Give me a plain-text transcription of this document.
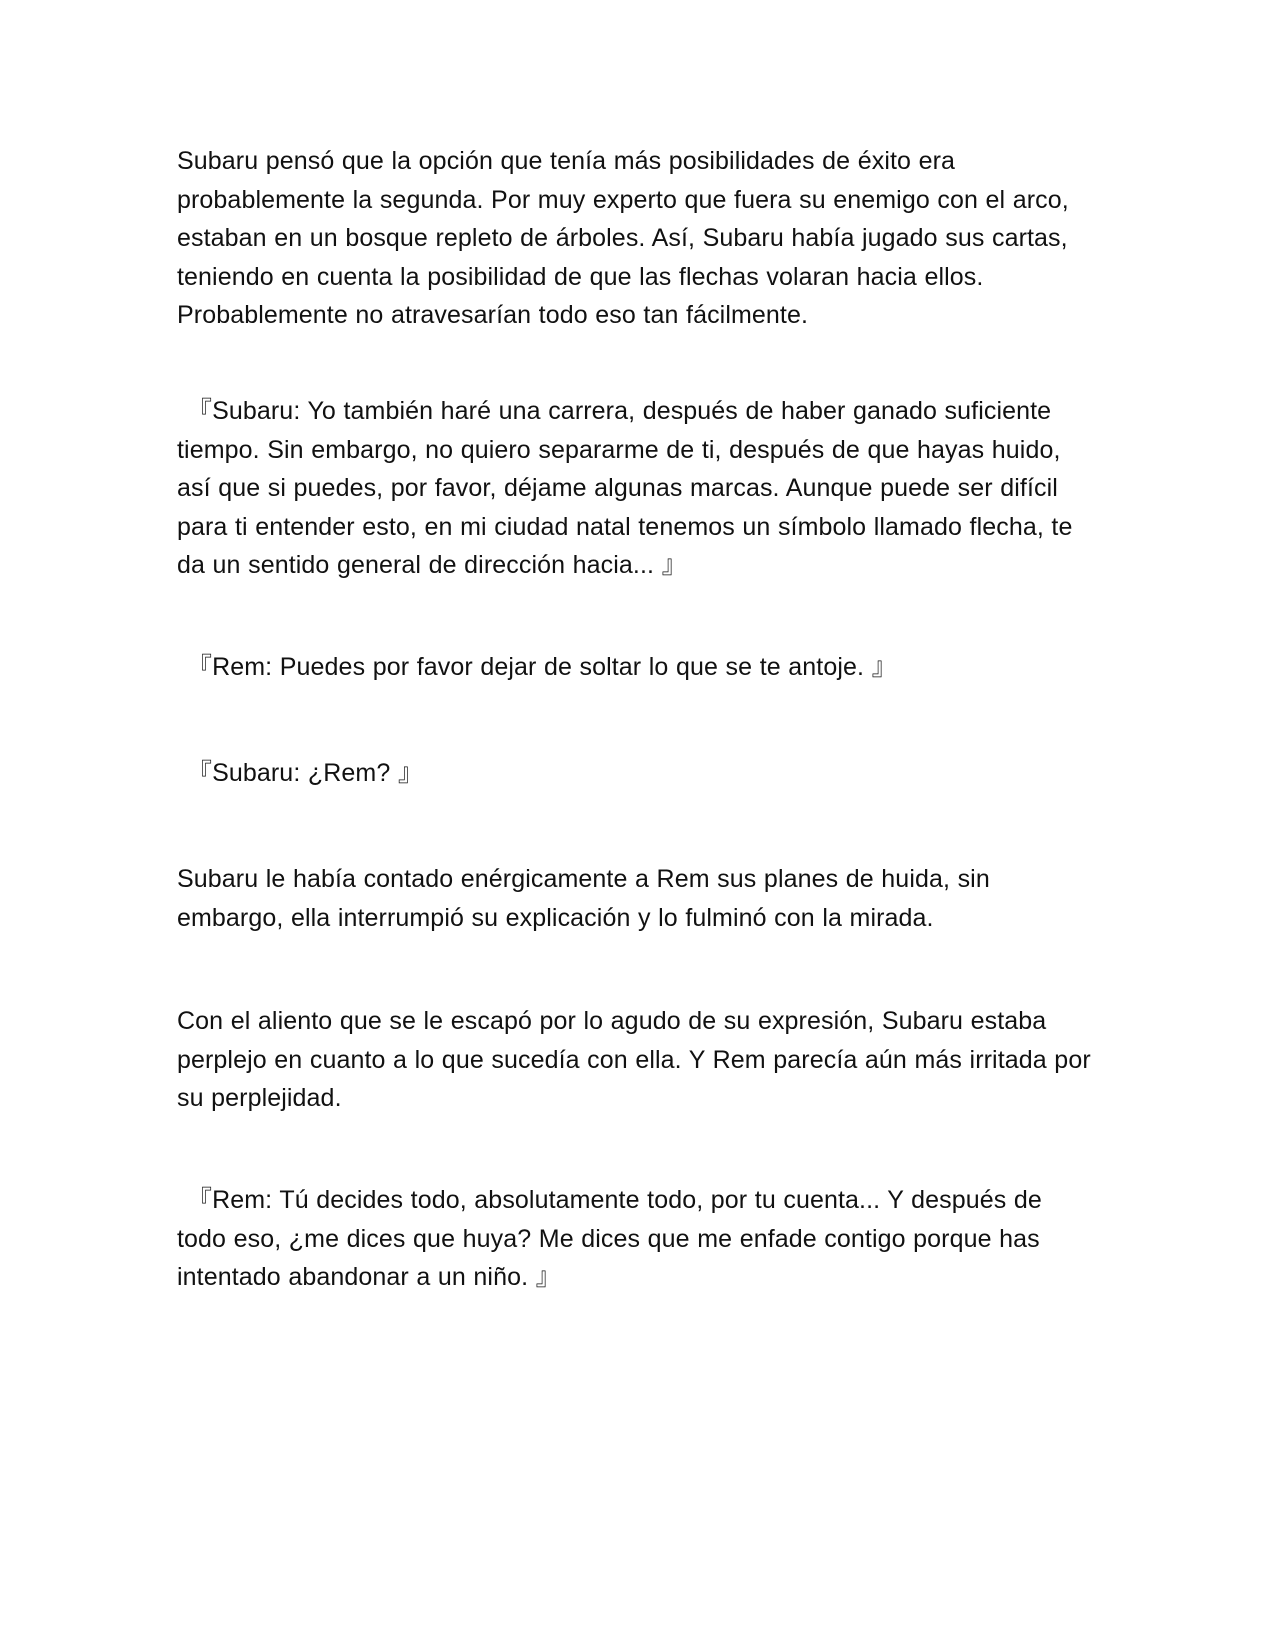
Subaru pensó que la opción que tenía más posibilidades de éxito era probablemente la segunda. Por muy experto que fuera su enemigo con el arco, estaban en un bosque repleto de árboles. Así, Subaru había jugado sus cartas, teniendo en cuenta la posibilidad de que las flechas volaran hacia ellos. Probablemente no atravesarían todo eso tan fácilmente.

『Subaru: Yo también haré una carrera, después de haber ganado suficiente tiempo. Sin embargo, no quiero separarme de ti, después de que hayas huido, así que si puedes, por favor, déjame algunas marcas. Aunque puede ser difícil para ti entender esto, en mi ciudad natal tenemos un símbolo llamado flecha, te da un sentido general de dirección hacia... 』

『Rem: Puedes por favor dejar de soltar lo que se te antoje. 』

『Subaru: ¿Rem? 』

Subaru le había contado enérgicamente a Rem sus planes de huida, sin embargo, ella interrumpió su explicación y lo fulminó con la mirada.

Con el aliento que se le escapó por lo agudo de su expresión, Subaru estaba perplejo en cuanto a lo que sucedía con ella. Y Rem parecía aún más irritada por su perplejidad.

『Rem: Tú decides todo, absolutamente todo, por tu cuenta... Y después de todo eso, ¿me dices que huya? Me dices que me enfade contigo porque has intentado abandonar a un niño. 』
